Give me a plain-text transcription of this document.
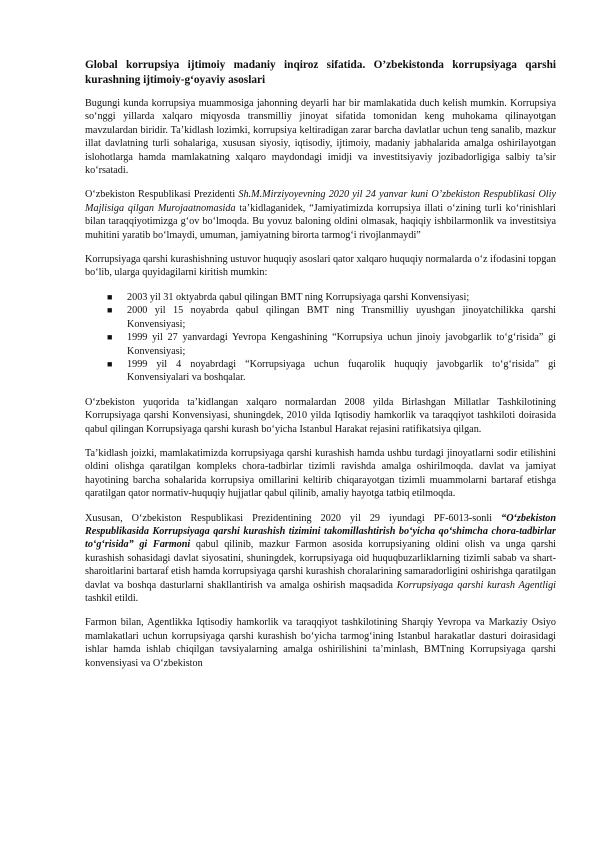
Global korrupsiya ijtimoiy madaniy inqiroz sifatida. O’zbekistonda korrupsiyaga qarshi kurashning ijtimoiy-g‘oyaviy asoslari

Bugungi kunda korrupsiya muammosiga jahonning deyarli har bir mamlakatida duch kelish mumkin. Korrupsiya so‘nggi yillarda xalqaro miqyosda transmilliy jinoyat sifatida tomonidan keng muhokama qilinayotgan mavzulardan biridir. Ta’kidlash lozimki, korrupsiya keltiradigan zarar barcha davlatlar uchun teng sanalib, mazkur illat davlatning turli sohalariga, xususan siyosiy, iqtisodiy, ijtimoiy, madaniy jabhalarida amalga oshirilayotgan islohotlarga hamda mamlakatning xalqaro maydondagi imidji va investitsiyaviy jozibadorligiga salbiy ta’sir ko‘rsatadi.

O‘zbekiston Respublikasi Prezidenti Sh.M.Mirziyoyevning 2020 yil 24 yanvar kuni O’zbekiston Respublikasi Oliy Majlisiga qilgan Murojaatnomasida ta’kidlaganidek, “Jamiyatimizda korrupsiya illati o‘zining turli ko‘rinishlari bilan taraqqiyotimizga g‘ov bo‘lmoqda. Bu yovuz baloning oldini olmasak, haqiqiy ishbilarmonlik va investitsiya muhitini yaratib bo‘lmaydi, umuman, jamiyatning birorta tarmog‘i rivojlanmaydi”

Korrupsiyaga qarshi kurashishning ustuvor huquqiy asoslari qator xalqaro huquqiy normalarda o‘z ifodasini topgan bo‘lib, ularga quyidagilarni kiritish mumkin:

■ 2003 yil 31 oktyabrda qabul qilingan BMT ning Korrupsiyaga qarshi Konvensiyasi;
■ 2000 yil 15 noyabrda qabul qilingan BMT ning Transmilliy uyushgan jinoyatchilikka qarshi Konvensiyasi;
■ 1999 yil 27 yanvardagi Yevropa Kengashining “Korrupsiya uchun jinoiy javobgarlik to‘g‘risida” gi Konvensiyasi;
■ 1999 yil 4 noyabrdagi “Korrupsiyaga uchun fuqarolik huquqiy javobgarlik to‘g‘risida” gi Konvensiyalari va boshqalar.

O‘zbekiston yuqorida ta’kidlangan xalqaro normalardan 2008 yilda Birlashgan Millatlar Tashkilotining Korrupsiyaga qarshi Konvensiyasi, shuningdek, 2010 yilda Iqtisodiy hamkorlik va taraqqiyot tashkiloti doirasida qabul qilingan Korrupsiyaga qarshi kurash bo‘yicha Istanbul Harakat rejasini ratifikatsiya qilgan.

Ta’kidlash joizki, mamlakatimizda korrupsiyaga qarshi kurashish hamda ushbu turdagi jinoyatlarni sodir etilishini oldini olishga qaratilgan kompleks chora-tadbirlar tizimli ravishda amalga oshirilmoqda. davlat va jamiyat hayotining barcha sohalarida korrupsiya omillarini keltirib chiqarayotgan tizimli muammolarni bartaraf etishga qaratilgan qator normativ-huquqiy hujjatlar qabul qilinib, amaliy hayotga tatbiq etilmoqda.

Xususan, O‘zbekiston Respublikasi Prezidentining 2020 yil 29 iyundagi PF-6013-sonli “O‘zbekiston Respublikasida Korrupsiyaga qarshi kurashish tizimini takomillashtirish bo‘yicha qo‘shimcha chora-tadbirlar to‘g‘risida” gi Farmoni qabul qilinib, mazkur Farmon asosida korrupsiyaning oldini olish va unga qarshi kurashish sohasidagi davlat siyosatini, shuningdek, korrupsiyaga oid huquqbuzarliklarning tizimli sabab va shart-sharoitlarini bartaraf etish hamda korrupsiyaga qarshi kurashish choralarining samaradorligini oshirishga qaratilgan davlat va boshqa dasturlarni shakllantirish va amalga oshirish maqsadida Korrupsiyaga qarshi kurash Agentligi tashkil etildi.

Farmon bilan, Agentlikka Iqtisodiy hamkorlik va taraqqiyot tashkilotining Sharqiy Yevropa va Markaziy Osiyo mamlakatlari uchun korrupsiyaga qarshi kurashish bo‘yicha tarmog‘ining Istanbul harakatlar dasturi doirasidagi ishlar hamda ishlab chiqilgan tavsiyalarning amalga oshirilishini ta’minlash, BMTning Korrupsiyaga qarshi konvensiyasi va O‘zbekiston
